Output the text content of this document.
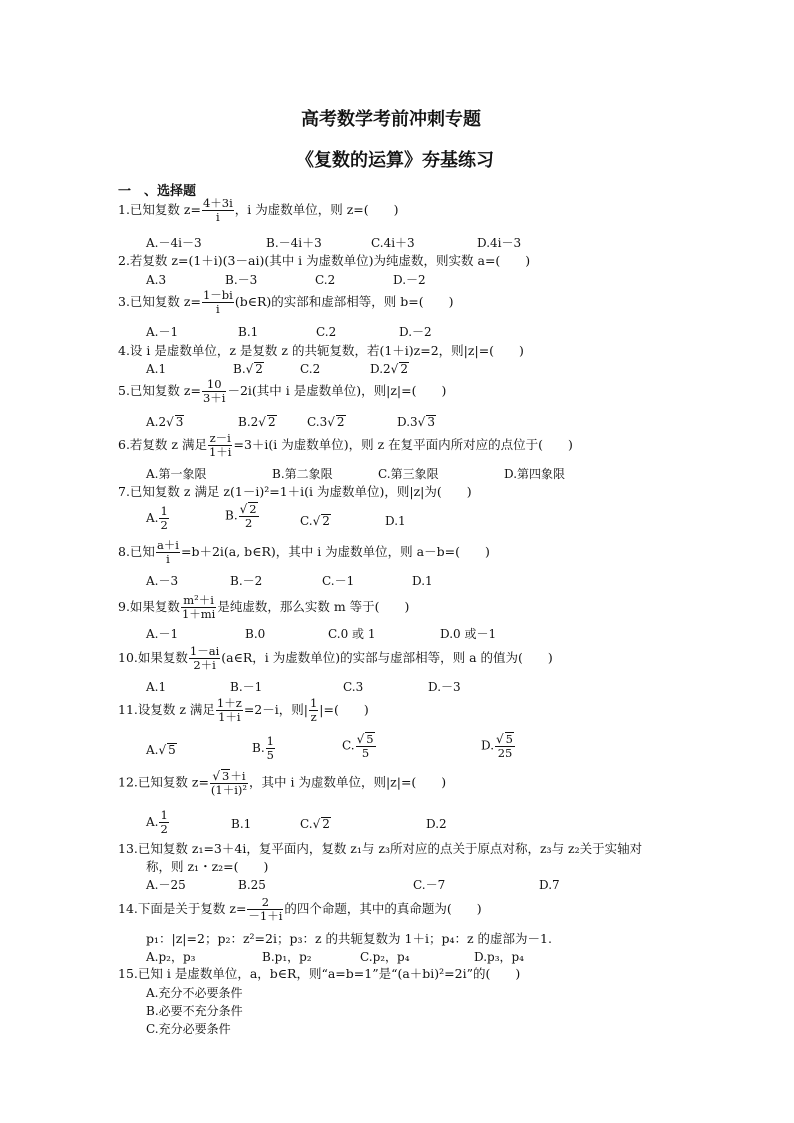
高考数学考前冲刺专题
《复数的运算》夯基练习
一　、选择题
1.已知复数 $z= \frac{4+3i}{i}$ ，i 为虚数单位，则 z=(　　)
A.－4i－3	B.－4i＋3	C.4i＋3	D.4i－3
2.若复数 z=(1＋i)(3－ai)(其中 i 为虚数单位)为纯虚数，则实数 a=(　　)
A.3	B.－3	C.2	D.－2
3.已知复数 $z= \frac{1-bi}{i}$ (b∈R)的实部和虚部相等，则 b=(　　)
A.－1	B.1	C.2	D.－2
4.设 i 是虚数单位，z 是复数 z 的共轭复数，若(1＋i)z=2，则|z|=(　　)
A.1	B.√ 2	C.2	D.2√ 2
5.已知复数 $z= \frac{10}{3+i} -2i$(其中 i 是虚数单位)，则|z|=(　　)
A.2√ 3	B.2√ 2	C.3√ 2	D.3√ 3
6.若复数 z 满足 $\frac{z-i}{1+i} =3+i(i$ 为虚数单位)，则 z 在复平面内所对应的点位于(　　)
A.第一象限	B.第二象限	C.第三象限	D.第四象限
7.已知复数 z 满足 z(1－i)²=1＋i(i 为虚数单位)，则|z|为(　　)
A. $\frac{1}{2}$	B. $\frac{√ 2}{2}$	C.√ 2	D.1
8.已知 $\frac{a+i}{i} =b+2i(a$, b∈R)，其中 i 为虚数单位，则 a－b=(　　)
A.－3	B.－2	C.－1	D.1
9.如果复数 $\frac{\text{m²＋i}}{1+mi}$ 是纯虚数，那么实数 m 等于(　　)
A.－1	B.0	C.0 或 1	D.0 或－1
10.如果复数 $\frac{1-ai}{2+i}$ (a∈R，i 为虚数单位)的实部与虚部相等，则 a 的值为(　　)
A.1	B.－1	C.3	D.－3
11.设复数 z 满足 $\frac{1+z}{1+i} =2-i$，则| $\frac{1}{z}$ |=(　　)
A.√ 5	B. $\frac{1}{5}$	C. $\frac{√ 5}{5}$	D. $\frac{√ 5}{25}$
12.已知复数 $z= \frac{√ 3+i}{\text{(1＋i)²}}$ ，其中 i 为虚数单位，则|z|=(　　)
A. $\frac{1}{2}$	B.1	C.√ 2	D.2
13.已知复数 z₁=3＋4i，复平面内，复数 z₁与 z₃所对应的点关于原点对称，z₃与 z₂关于实轴对
称，则 z₁・z₂=(　　)
A.－25	B.25	C.－7	D.7
14.下面是关于复数 $z= \frac{2}{-1+i}$ 的四个命题，其中的真命题为(　　)
p₁：|z|=2；p₂：z²=2i；p₃：z 的共轭复数为 1＋i；p₄：z 的虚部为－1.
A.p₂，p₃	B.p₁，p₂	C.p₂，p₄	D.p₃，p₄
15.已知 i 是虚数单位，a，b∈R，则“a=b=1”是“(a＋bi)²=2i”的(　　)
A.充分不必要条件
B.必要不充分条件
C.充分必要条件
